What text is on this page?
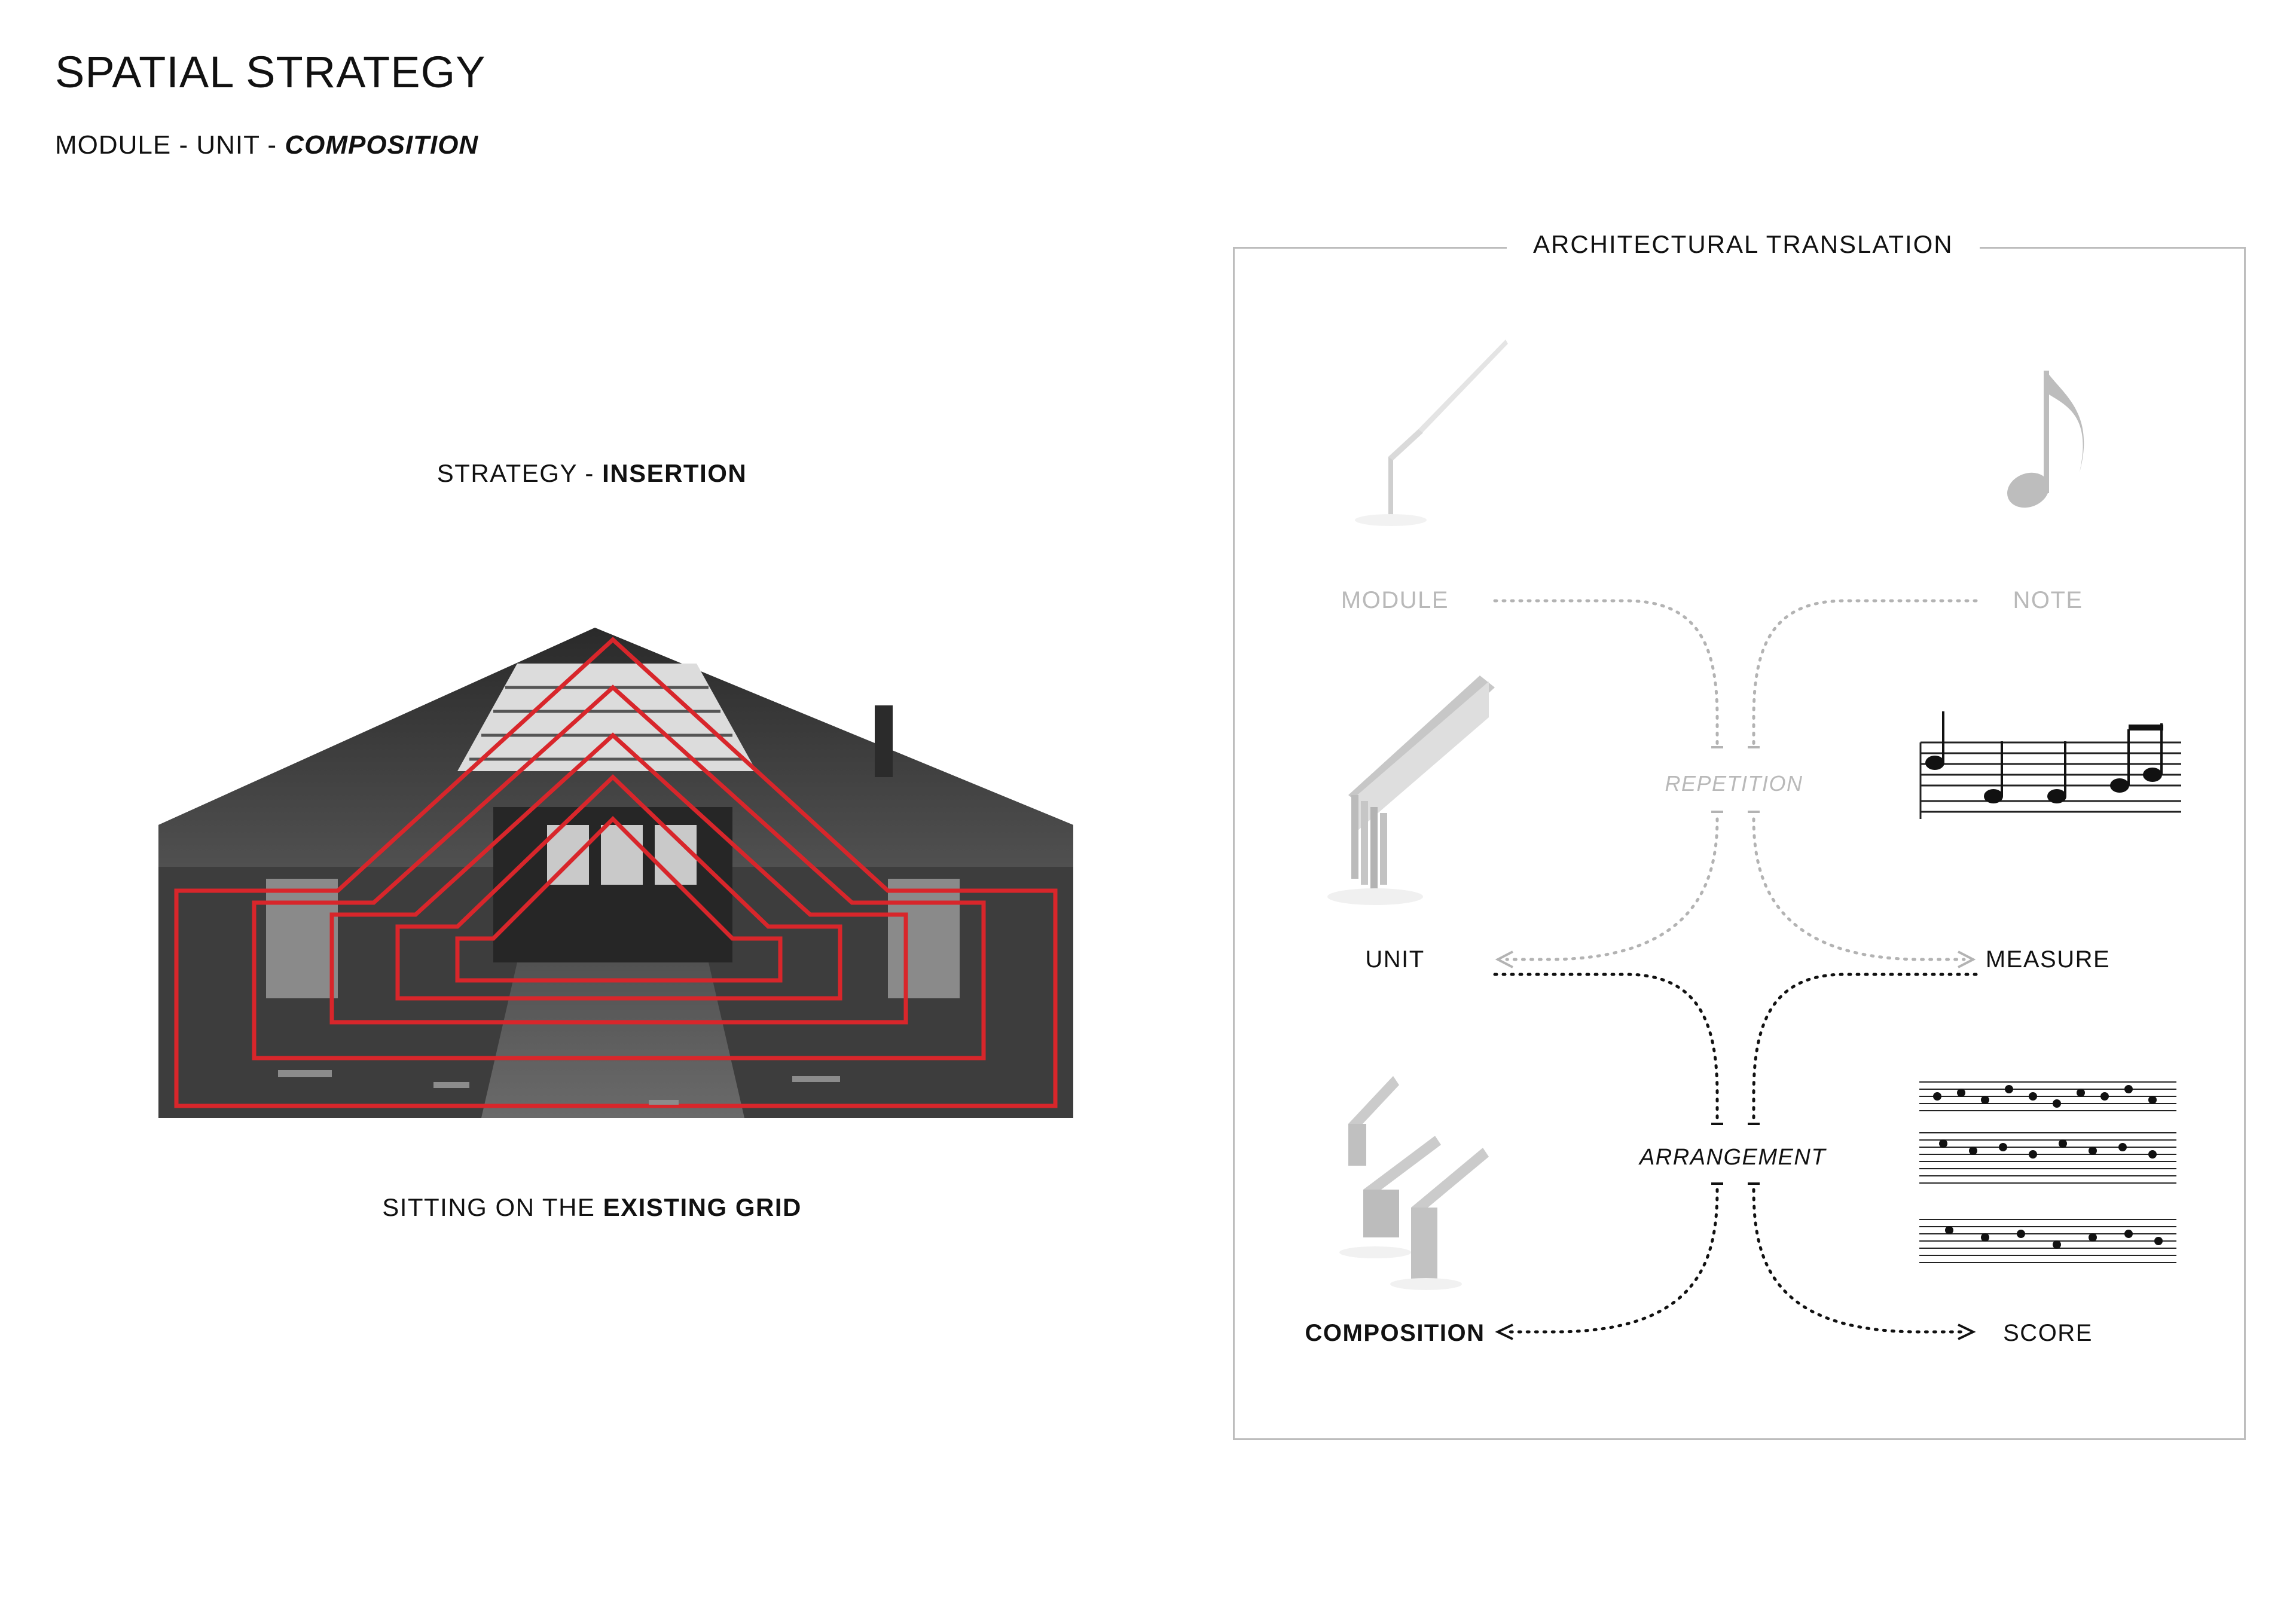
SPATIAL STRATEGY
MODULE - UNIT - COMPOSITION
STRATEGY - INSERTION
SITTING ON THE EXISTING GRID
ARCHITECTURAL TRANSLATION
MODULE	NOTE
REPETITION
UNIT	MEASURE
ARRANGEMENT
COMPOSITION	SCORE
